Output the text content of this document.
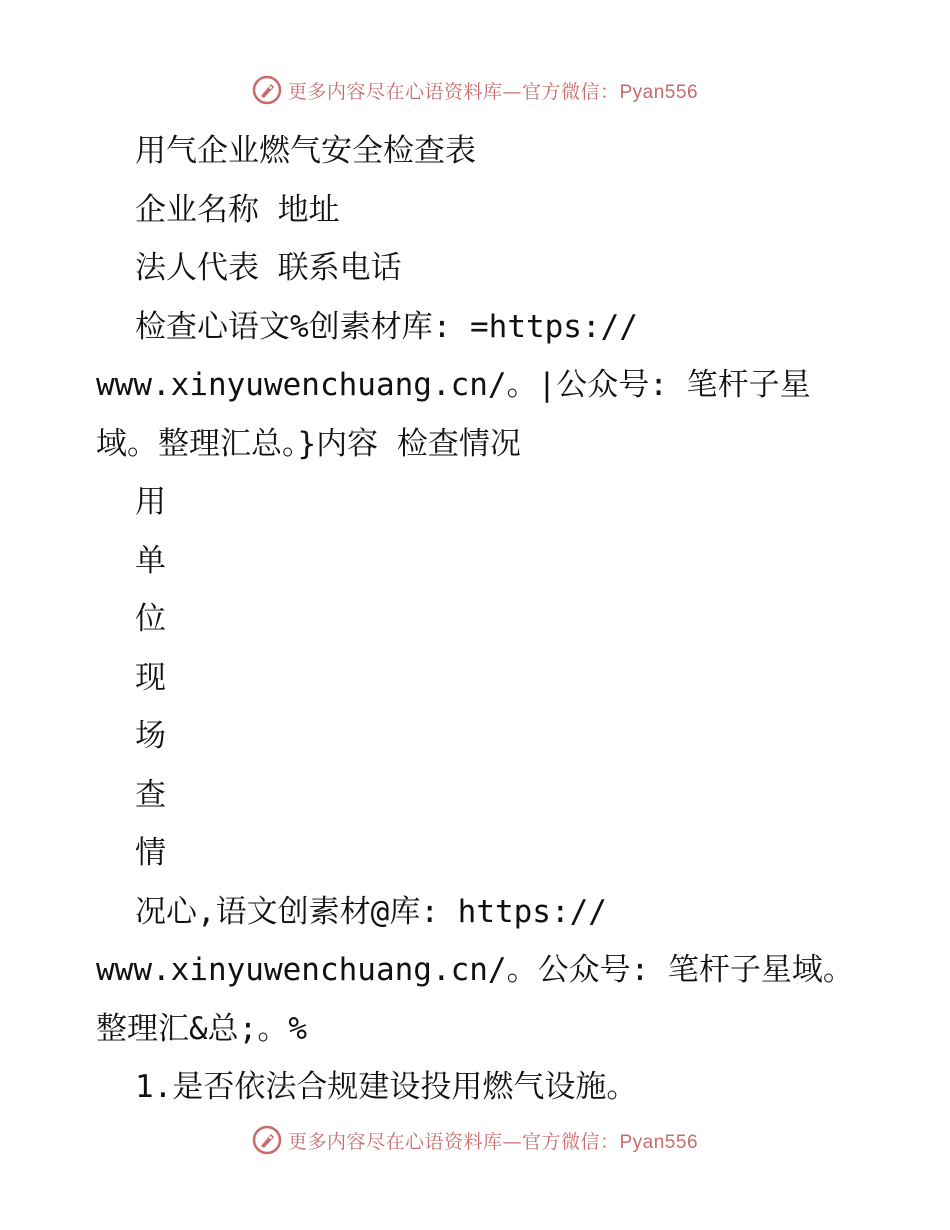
更多内容尽在心语资料库—官方微信：Pyan556

用气企业燃气安全检查表

企业名称 地址

法人代表 联系电话

检查心语文%创素材库: =https://

www.xinyuwenchuang.cn/。|公众号: 笔杆子星

域。整理汇总。}内容 检查情况

用

单

位

现

场

查

情

况心,语文创素材@库: https://

www.xinyuwenchuang.cn/。公众号: 笔杆子星域。

整理汇&总;。%

1.是否依法合规建设投用燃气设施。

更多内容尽在心语资料库—官方微信：Pyan556
